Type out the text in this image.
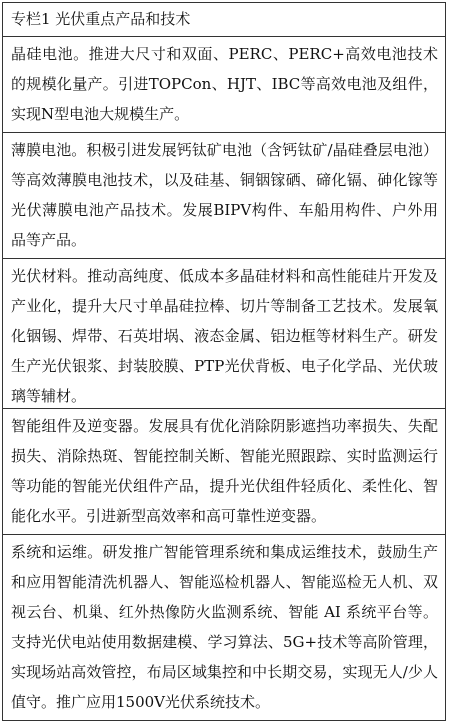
专栏1 光伏重点产品和技术
晶硅电池。推进大尺寸和双面、PERC、PERC+高效电池技术的规模化量产。引进TOPCon、HJT、IBC等高效电池及组件，实现N型电池大规模生产。
薄膜电池。积极引进发展钙钛矿电池（含钙钛矿/晶硅叠层电池）等高效薄膜电池技术，以及硅基、铜铟镓硒、碲化镉、砷化镓等光伏薄膜电池产品技术。发展BIPV构件、车船用构件、户外用品等产品。
光伏材料。推动高纯度、低成本多晶硅材料和高性能硅片开发及产业化，提升大尺寸单晶硅拉棒、切片等制备工艺技术。发展氧化铟锡、焊带、石英坩埚、液态金属、铝边框等材料生产。研发生产光伏银浆、封装胶膜、PTP光伏背板、电子化学品、光伏玻璃等辅材。
智能组件及逆变器。发展具有优化消除阴影遮挡功率损失、失配损失、消除热斑、智能控制关断、智能光照跟踪、实时监测运行等功能的智能光伏组件产品，提升光伏组件轻质化、柔性化、智能化水平。引进新型高效率和高可靠性逆变器。
系统和运维。研发推广智能管理系统和集成运维技术，鼓励生产和应用智能清洗机器人、智能巡检机器人、智能巡检无人机、双视云台、机巢、红外热像防火监测系统、智能 AI 系统平台等。支持光伏电站使用数据建模、学习算法、5G+技术等高阶管理，实现场站高效管控，布局区域集控和中长期交易，实现无人/少人值守。推广应用1500V光伏系统技术。
